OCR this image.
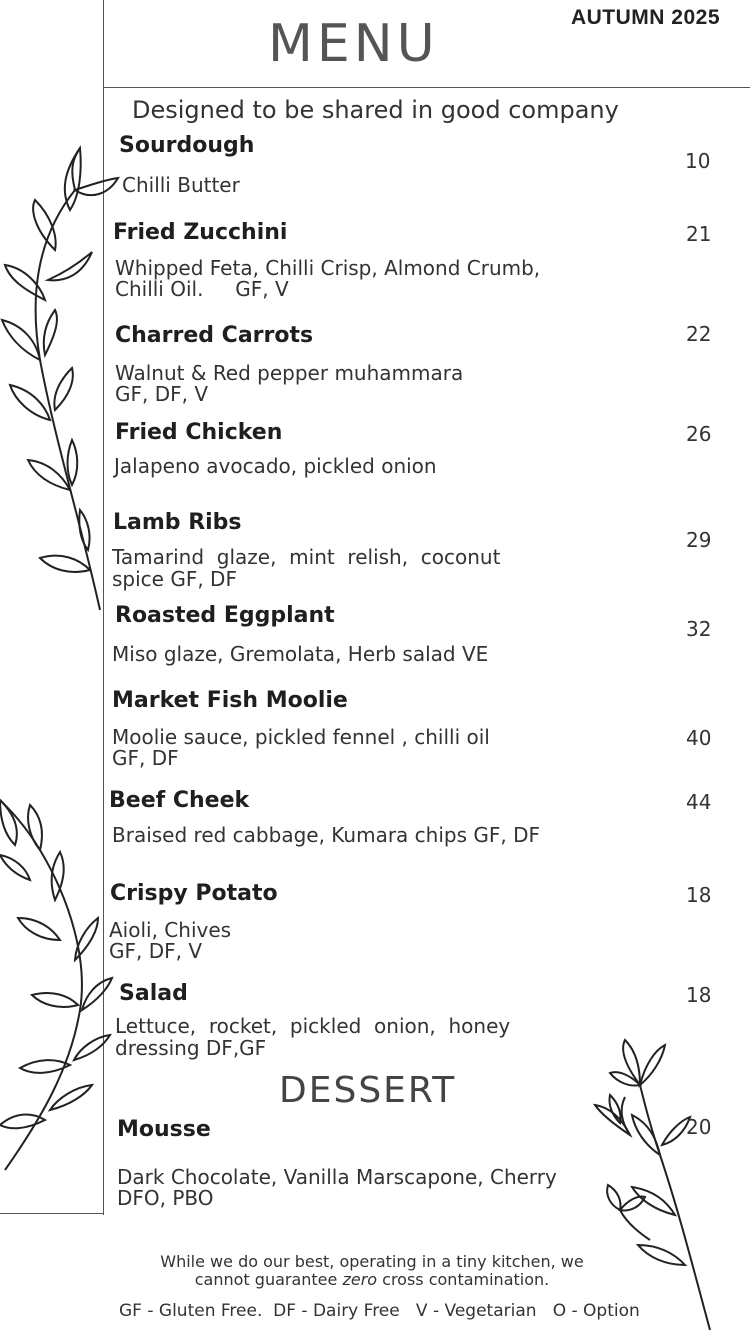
AUTUMN 2025
MENU
Designed to be shared in good company
Sourdough
Chilli Butter
10
Fried Zucchini
Whipped Feta, Chilli Crisp, Almond Crumb,
Chilli Oil.     GF, V
21
Charred Carrots
Walnut & Red pepper muhammara
GF, DF, V
22
Fried Chicken
Jalapeno avocado, pickled onion
26
Lamb Ribs
Tamarind  glaze,  mint  relish,  coconut
spice GF, DF
29
Roasted Eggplant
Miso glaze, Gremolata, Herb salad VE
32
Market Fish Moolie
Moolie sauce, pickled fennel , chilli oil
GF, DF
40
Beef Cheek
Braised red cabbage, Kumara chips GF, DF
44
Crispy Potato
Aioli, Chives
GF, DF, V
18
Salad
Lettuce,  rocket,  pickled  onion,  honey
dressing DF,GF
18
DESSERT
Mousse
Dark Chocolate, Vanilla Marscapone, Cherry
DFO, PBO
20
While we do our best, operating in a tiny kitchen, we
cannot guarantee zero cross contamination.
GF - Gluten Free.  DF - Dairy Free   V - Vegetarian   O - Option
